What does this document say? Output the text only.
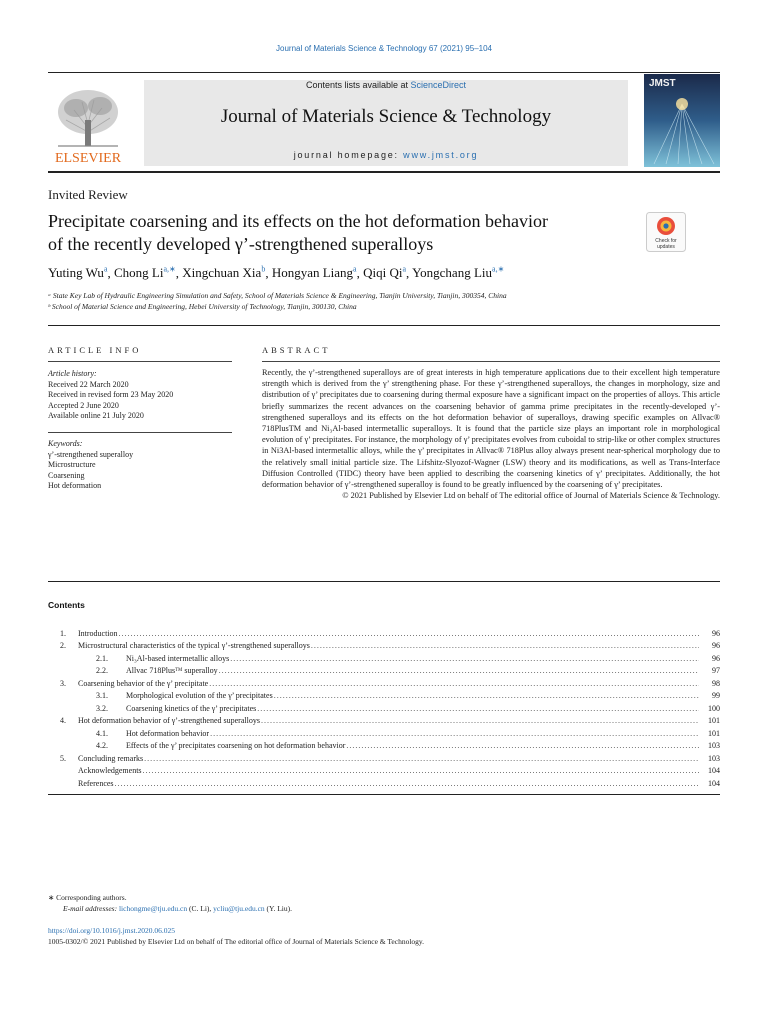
Journal of Materials Science & Technology 67 (2021) 95–104
ELSEVIER
Contents lists available at ScienceDirect
Journal of Materials Science & Technology
journal homepage: www.jmst.org
JMST
Invited Review
Precipitate coarsening and its effects on the hot deformation behavior
of the recently developed γ’-strengthened superalloys	Check for
updates
Yuting Wu$^a$, Chong $Li^{a,∗}$, Xingchuan Xia$^b$, Hongyan Liang$^a$, Qiqi Qi$^a$, Yongchang Liu$^{a,∗}$
ᵃ State Key Lab of Hydraulic Engineering Simulation and Safety, School of Materials Science & Engineering, Tianjin University, Tianjin, 300354, China
ᵇ School of Material Science and Engineering, Hebei University of Technology, Tianjin, 300130, China
ARTICLE INFO	ABSTRACT
Article history:
Received 22 March 2020
Received in revised form 23 May 2020
Accepted 2 June 2020
Available online 21 July 2020
Keywords:
γ’-strengthened superalloy
Microstructure
Coarsening
Hot deformation

Recently, the γ’-strengthened superalloys are of great interests in high temperature applications due to their excellent high temperature strength which is derived from the γ’ strengthening phase. For these γ’-strengthened superalloys, the changes in morphology, size and distribution of γ’ precipitates due to coarsening during thermal exposure have a significant impact on the properties of alloys. This article briefly summarizes the recent advances on the coarsening behavior of gamma prime precipitates in the recently-developed γ’-strengthened superalloys and its effects on the hot deformation behavior of superalloys, drawing specific examples on Allvac® 718PlusTM and Ni₃Al-based intermetallic superalloys. It is found that the particle size plays an important role in morphological evolution of γ’ precipitates. For instance, the morphology of γ’ precipitates evolves from cuboidal to strip-like or other complex structures in Ni3Al-based intermetallic alloys, while the γ’ precipitates in Allvac® 718Plus alloy always present near-spherical morphology due to the relatively small initial particle size. The Lifshitz-Slyozof-Wagner (LSW) theory and its modifications, as well as Trans-Interface Diffusion Controlled (TIDC) theory have been applied to describing the coarsening kinetics of γ’ precipitates. Additionally, the hot deformation behavior of γ’-strengthened superalloy is found to be greatly influenced by the coarsening of γ’ precipitates.

© 2021 Published by Elsevier Ltd on behalf of The editorial office of Journal of Materials Science & Technology.

Contents
1. Introduction .....	96
2. Microstructural characteristics of the typical γ’-strengthened superalloys .....	96
2.1.	Ni₃Al-based intermetallic alloys .....	96
2.2.	Allvac 718Plusᵀᴹ superalloy .....	97
3. Coarsening behavior of the γ’ precipitate .....	98
3.1.	Morphological evolution of the γ’ precipitates .....	99
3.2.	Coarsening kinetics of the γ’ precipitates .....	100
4. Hot deformation behavior of γ’-strengthened superalloys .....	101
4.1.	Hot deformation behavior .....	101
4.2.	Effects of the γ’ precipitates coarsening on hot deformation behavior .....	103
5. Concluding remarks .....	103
Acknowledgements .....	104
References .....	104
∗ Corresponding authors.
E-mail addresses: lichongme@tju.edu.cn (C. Li), ycliu@tju.edu.cn (Y. Liu).
https://doi.org/10.1016/j.jmst.2020.06.025
1005-0302/© 2021 Published by Elsevier Ltd on behalf of The editorial office of Journal of Materials Science & Technology.
